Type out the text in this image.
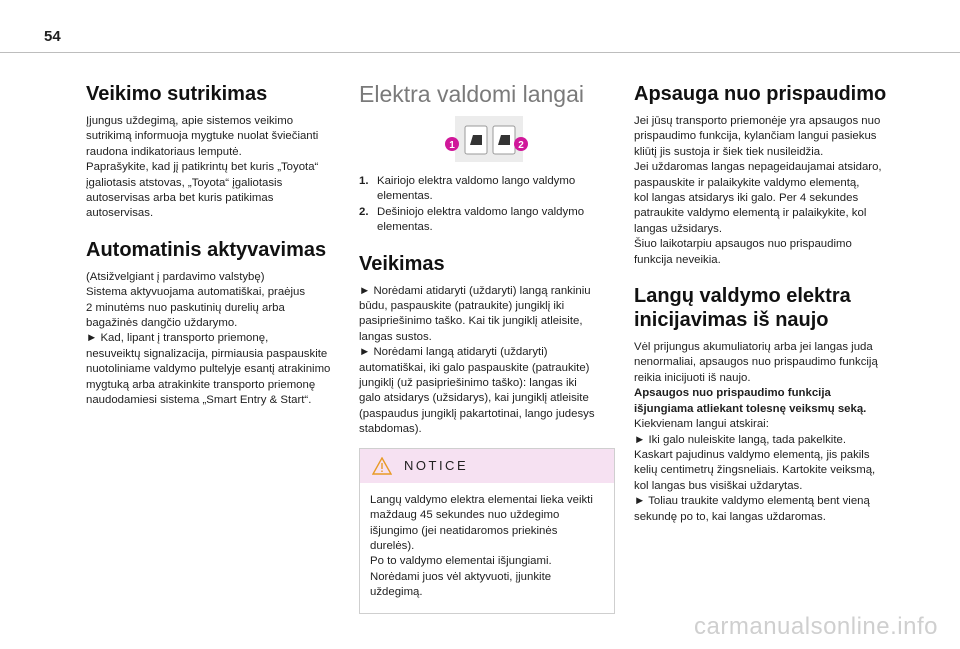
54
Veikimo sutrikimas

Įjungus uždegimą, apie sistemos veikimo
sutrikimą informuoja mygtuke nuolat šviečianti
raudona indikatoriaus lemputė.
Paprašykite, kad jį patikrintų bet kuris „Toyota“
įgaliotasis atstovas, „Toyota“ įgaliotasis
autoservisas arba bet kuris patikimas
autoservisas.

Automatinis aktyvavimas

(Atsižvelgiant į pardavimo valstybę)
Sistema aktyvuojama automatiškai, praėjus
2 minutėms nuo paskutinių durelių arba
bagažinės dangčio uždarymo.
► Kad, lipant į transporto priemonę,
nesuveiktų signalizacija, pirmiausia paspauskite
nuotoliniame valdymo pultelyje esantį atrakinimo
mygtuką arba atrakinkite transporto priemonę
naudodamiesi sistema „Smart Entry & Start“.

Elektra valdomi langai
1	2
1. Kairiojo elektra valdomo lango valdymo
elementas.
2. Dešiniojo elektra valdomo lango valdymo
elementas.
Veikimas

► Norėdami atidaryti (uždaryti) langą rankiniu
būdu, paspauskite (patraukite) jungiklį iki
pasipriešinimo taško. Kai tik jungiklį atleisite,
langas sustos.
► Norėdami langą atidaryti (uždaryti)
automatiškai, iki galo paspauskite (patraukite)
jungiklį (už pasipriešinimo taško): langas iki
galo atsidarys (užsidarys), kai jungiklį atleisite
(paspaudus jungiklį pakartotinai, lango judesys
stabdomas).

NOTICE

Langų valdymo elektra elementai lieka veikti
maždaug 45 sekundes nuo uždegimo
išjungimo (jei neatidaromos priekinės
durelės).
Po to valdymo elementai išjungiami.
Norėdami juos vėl aktyvuoti, įjunkite
uždegimą.

Apsauga nuo prispaudimo

Jei jūsų transporto priemonėje yra apsaugos nuo
prispaudimo funkcija, kylančiam langui pasiekus
kliūtį jis sustoja ir šiek tiek nusileidžia.
Jei uždaromas langas nepageidaujamai atsidaro,
paspauskite ir palaikykite valdymo elementą,
kol langas atsidarys iki galo. Per 4 sekundes
patraukite valdymo elementą ir palaikykite, kol
langas užsidarys.
Šiuo laikotarpiu apsaugos nuo prispaudimo
funkcija neveikia.

Langų valdymo elektra
inicijavimas iš naujo

Vėl prijungus akumuliatorių arba jei langas juda
nenormaliai, apsaugos nuo prispaudimo funkciją
reikia inicijuoti iš naujo.
Apsaugos nuo prispaudimo funkcija
išjungiama atliekant tolesnę veiksmų seką.
Kiekvienam langui atskirai:
► Iki galo nuleiskite langą, tada pakelkite.
Kaskart pajudinus valdymo elementą, jis pakils
kelių centimetrų žingsneliais. Kartokite veiksmą,
kol langas bus visiškai uždarytas.
► Toliau traukite valdymo elementą bent vieną
sekundę po to, kai langas uždaromas.

carmanualsonline.info
